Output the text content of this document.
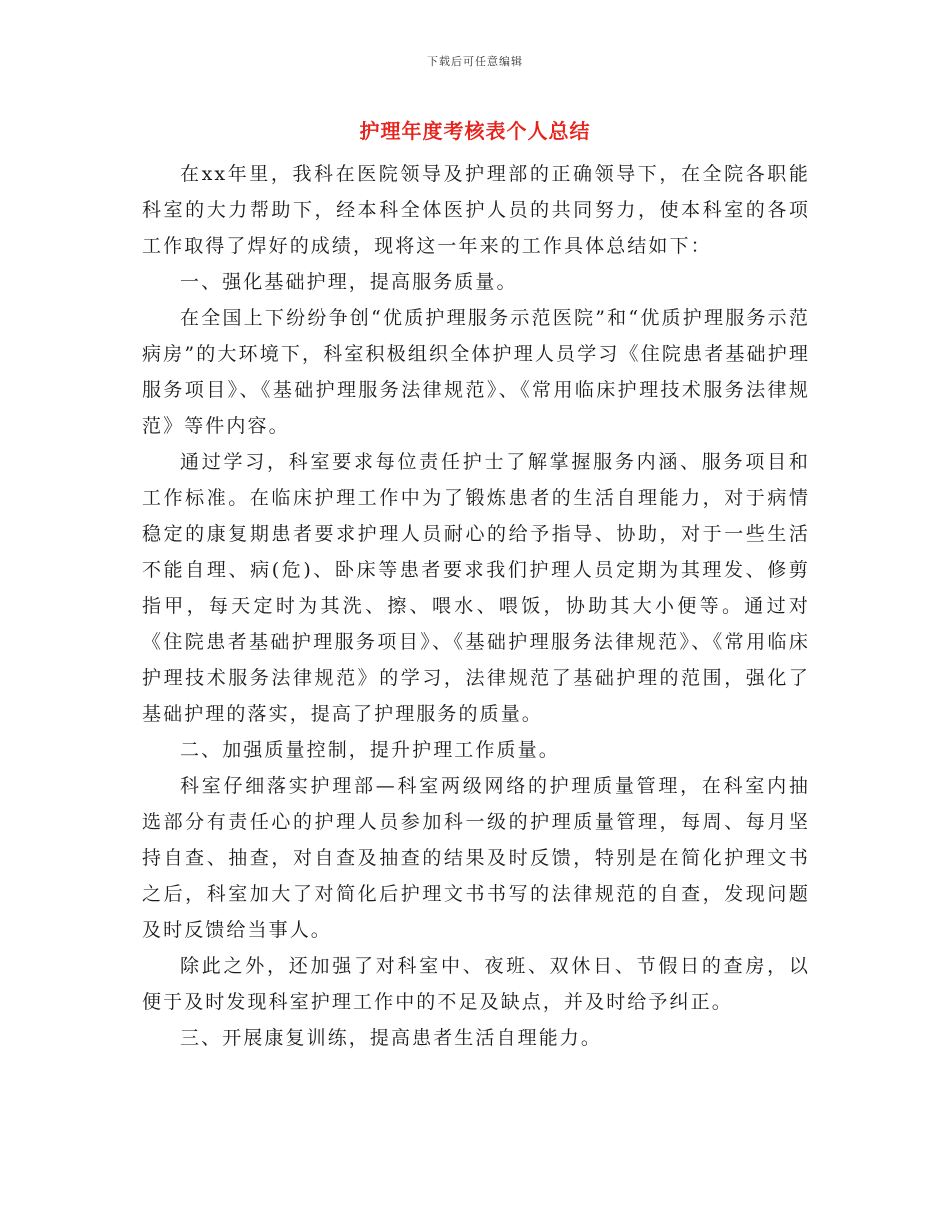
下载后可任意编辑
护理年度考核表个人总结

在xx年里，我科在医院领导及护理部的正确领导下，在全院各职能科室的大力帮助下，经本科全体医护人员的共同努力，使本科室的各项工作取得了焊好的成绩，现将这一年来的工作具体总结如下：

一、强化基础护理，提高服务质量。

在全国上下纷纷争创“优质护理服务示范医院”和“优质护理服务示范病房”的大环境下，科室积极组织全体护理人员学习《住院患者基础护理服务项目》、《基础护理服务法律规范》、《常用临床护理技术服务法律规范》等件内容。

通过学习，科室要求每位责任护士了解掌握服务内涵、服务项目和工作标准。在临床护理工作中为了锻炼患者的生活自理能力，对于病情稳定的康复期患者要求护理人员耐心的给予指导、协助，对于一些生活不能自理、病(危)、卧床等患者要求我们护理人员定期为其理发、修剪指甲，每天定时为其洗、擦、喂水、喂饭，协助其大小便等。通过对《住院患者基础护理服务项目》、《基础护理服务法律规范》、《常用临床护理技术服务法律规范》的学习，法律规范了基础护理的范围，强化了基础护理的落实，提高了护理服务的质量。

二、加强质量控制，提升护理工作质量。

科室仔细落实护理部—科室两级网络的护理质量管理，在科室内抽选部分有责任心的护理人员参加科一级的护理质量管理，每周、每月坚持自查、抽查，对自查及抽查的结果及时反馈，特别是在简化护理文书之后，科室加大了对简化后护理文书书写的法律规范的自查，发现问题及时反馈给当事人。

除此之外，还加强了对科室中、夜班、双休日、节假日的查房，以便于及时发现科室护理工作中的不足及缺点，并及时给予纠正。

三、开展康复训练，提高患者生活自理能力。
